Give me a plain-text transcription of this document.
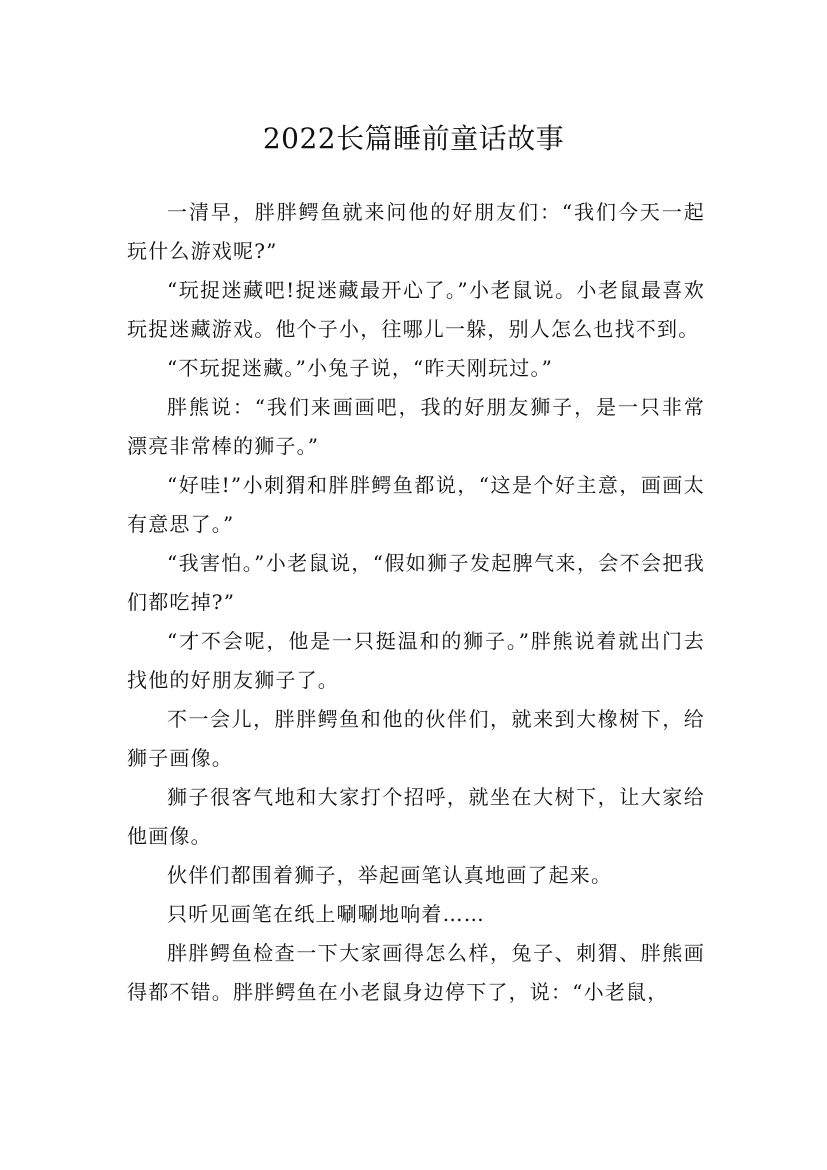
2022长篇睡前童话故事

一清早，胖胖鳄鱼就来问他的好朋友们：“我们今天一起玩什么游戏呢?”

“玩捉迷藏吧!捉迷藏最开心了。”小老鼠说。小老鼠最喜欢玩捉迷藏游戏。他个子小，往哪儿一躲，别人怎么也找不到。

“不玩捉迷藏。”小兔子说，“昨天刚玩过。”

胖熊说：“我们来画画吧，我的好朋友狮子，是一只非常漂亮非常棒的狮子。”

“好哇!”小刺猬和胖胖鳄鱼都说，“这是个好主意，画画太有意思了。”

“我害怕。”小老鼠说，“假如狮子发起脾气来，会不会把我们都吃掉?”

“才不会呢，他是一只挺温和的狮子。”胖熊说着就出门去找他的好朋友狮子了。

不一会儿，胖胖鳄鱼和他的伙伴们，就来到大橡树下，给狮子画像。

狮子很客气地和大家打个招呼，就坐在大树下，让大家给他画像。

伙伴们都围着狮子，举起画笔认真地画了起来。

只听见画笔在纸上唰唰地响着……

胖胖鳄鱼检查一下大家画得怎么样，兔子、刺猬、胖熊画得都不错。胖胖鳄鱼在小老鼠身边停下了，说：“小老鼠，
